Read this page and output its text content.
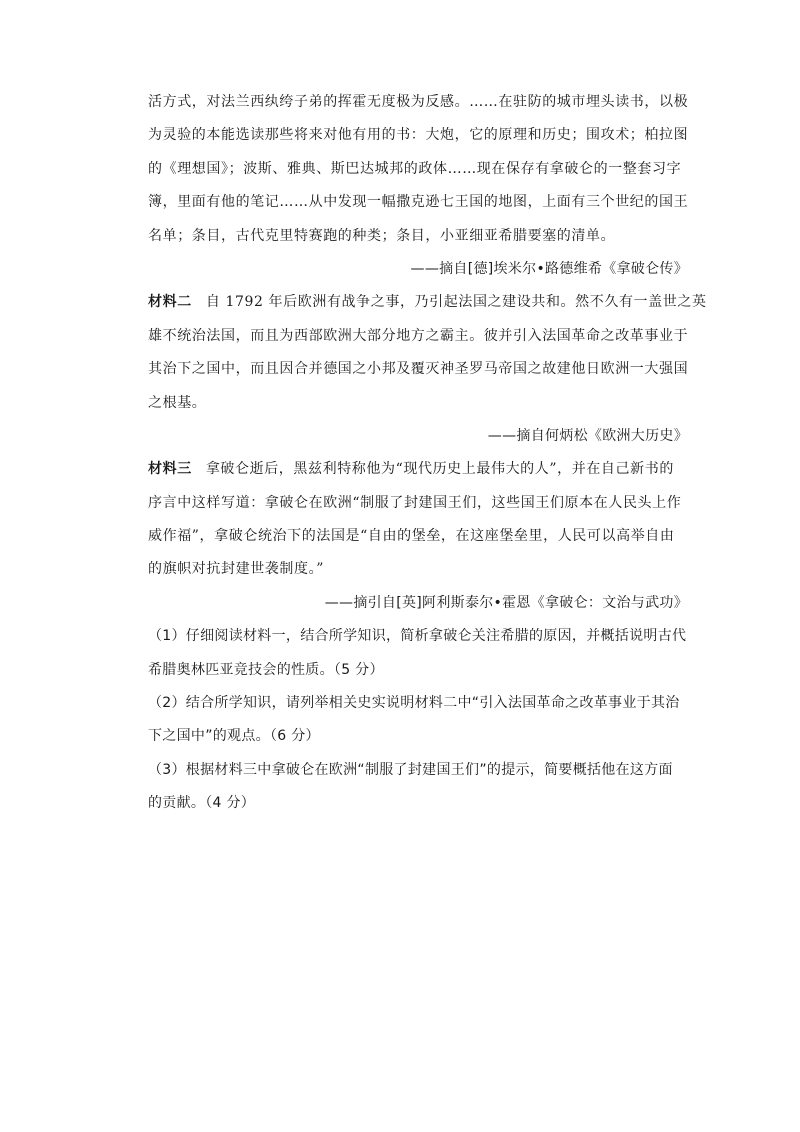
活方式，对法兰西纨绔子弟的挥霍无度极为反感。……在驻防的城市埋头读书，以极
为灵验的本能选读那些将来对他有用的书：大炮，它的原理和历史；围攻术；柏拉图
的《理想国》；波斯、雅典、斯巴达城邦的政体……现在保存有拿破仑的一整套习字
簿，里面有他的笔记……从中发现一幅撒克逊七王国的地图，上面有三个世纪的国王
名单；条目，古代克里特赛跑的种类；条目，小亚细亚希腊要塞的清单。
——摘自[德]埃米尔•路德维希《拿破仑传》
材料二 自 1792 年后欧洲有战争之事，乃引起法国之建设共和。然不久有一盖世之英
雄不统治法国，而且为西部欧洲大部分地方之霸主。彼并引入法国革命之改革事业于
其治下之国中，而且因合并德国之小邦及覆灭神圣罗马帝国之故建他日欧洲一大强国
之根基。
——摘自何炳松《欧洲大历史》
材料三 拿破仑逝后，黑兹利特称他为“现代历史上最伟大的人”，并在自己新书的
序言中这样写道：拿破仑在欧洲“制服了封建国王们，这些国王们原本在人民头上作
威作福”，拿破仑统治下的法国是“自由的堡垒，在这座堡垒里，人民可以高举自由
的旗帜对抗封建世袭制度。”
——摘引自[英]阿利斯泰尔•霍恩《拿破仑：文治与武功》
（1）仔细阅读材料一，结合所学知识，简析拿破仑关注希腊的原因，并概括说明古代
希腊奥林匹亚竞技会的性质。（5 分）
（2）结合所学知识，请列举相关史实说明材料二中“引入法国革命之改革事业于其治
下之国中”的观点。（6 分）
（3）根据材料三中拿破仑在欧洲“制服了封建国王们”的提示，简要概括他在这方面
的贡献。（4 分）
